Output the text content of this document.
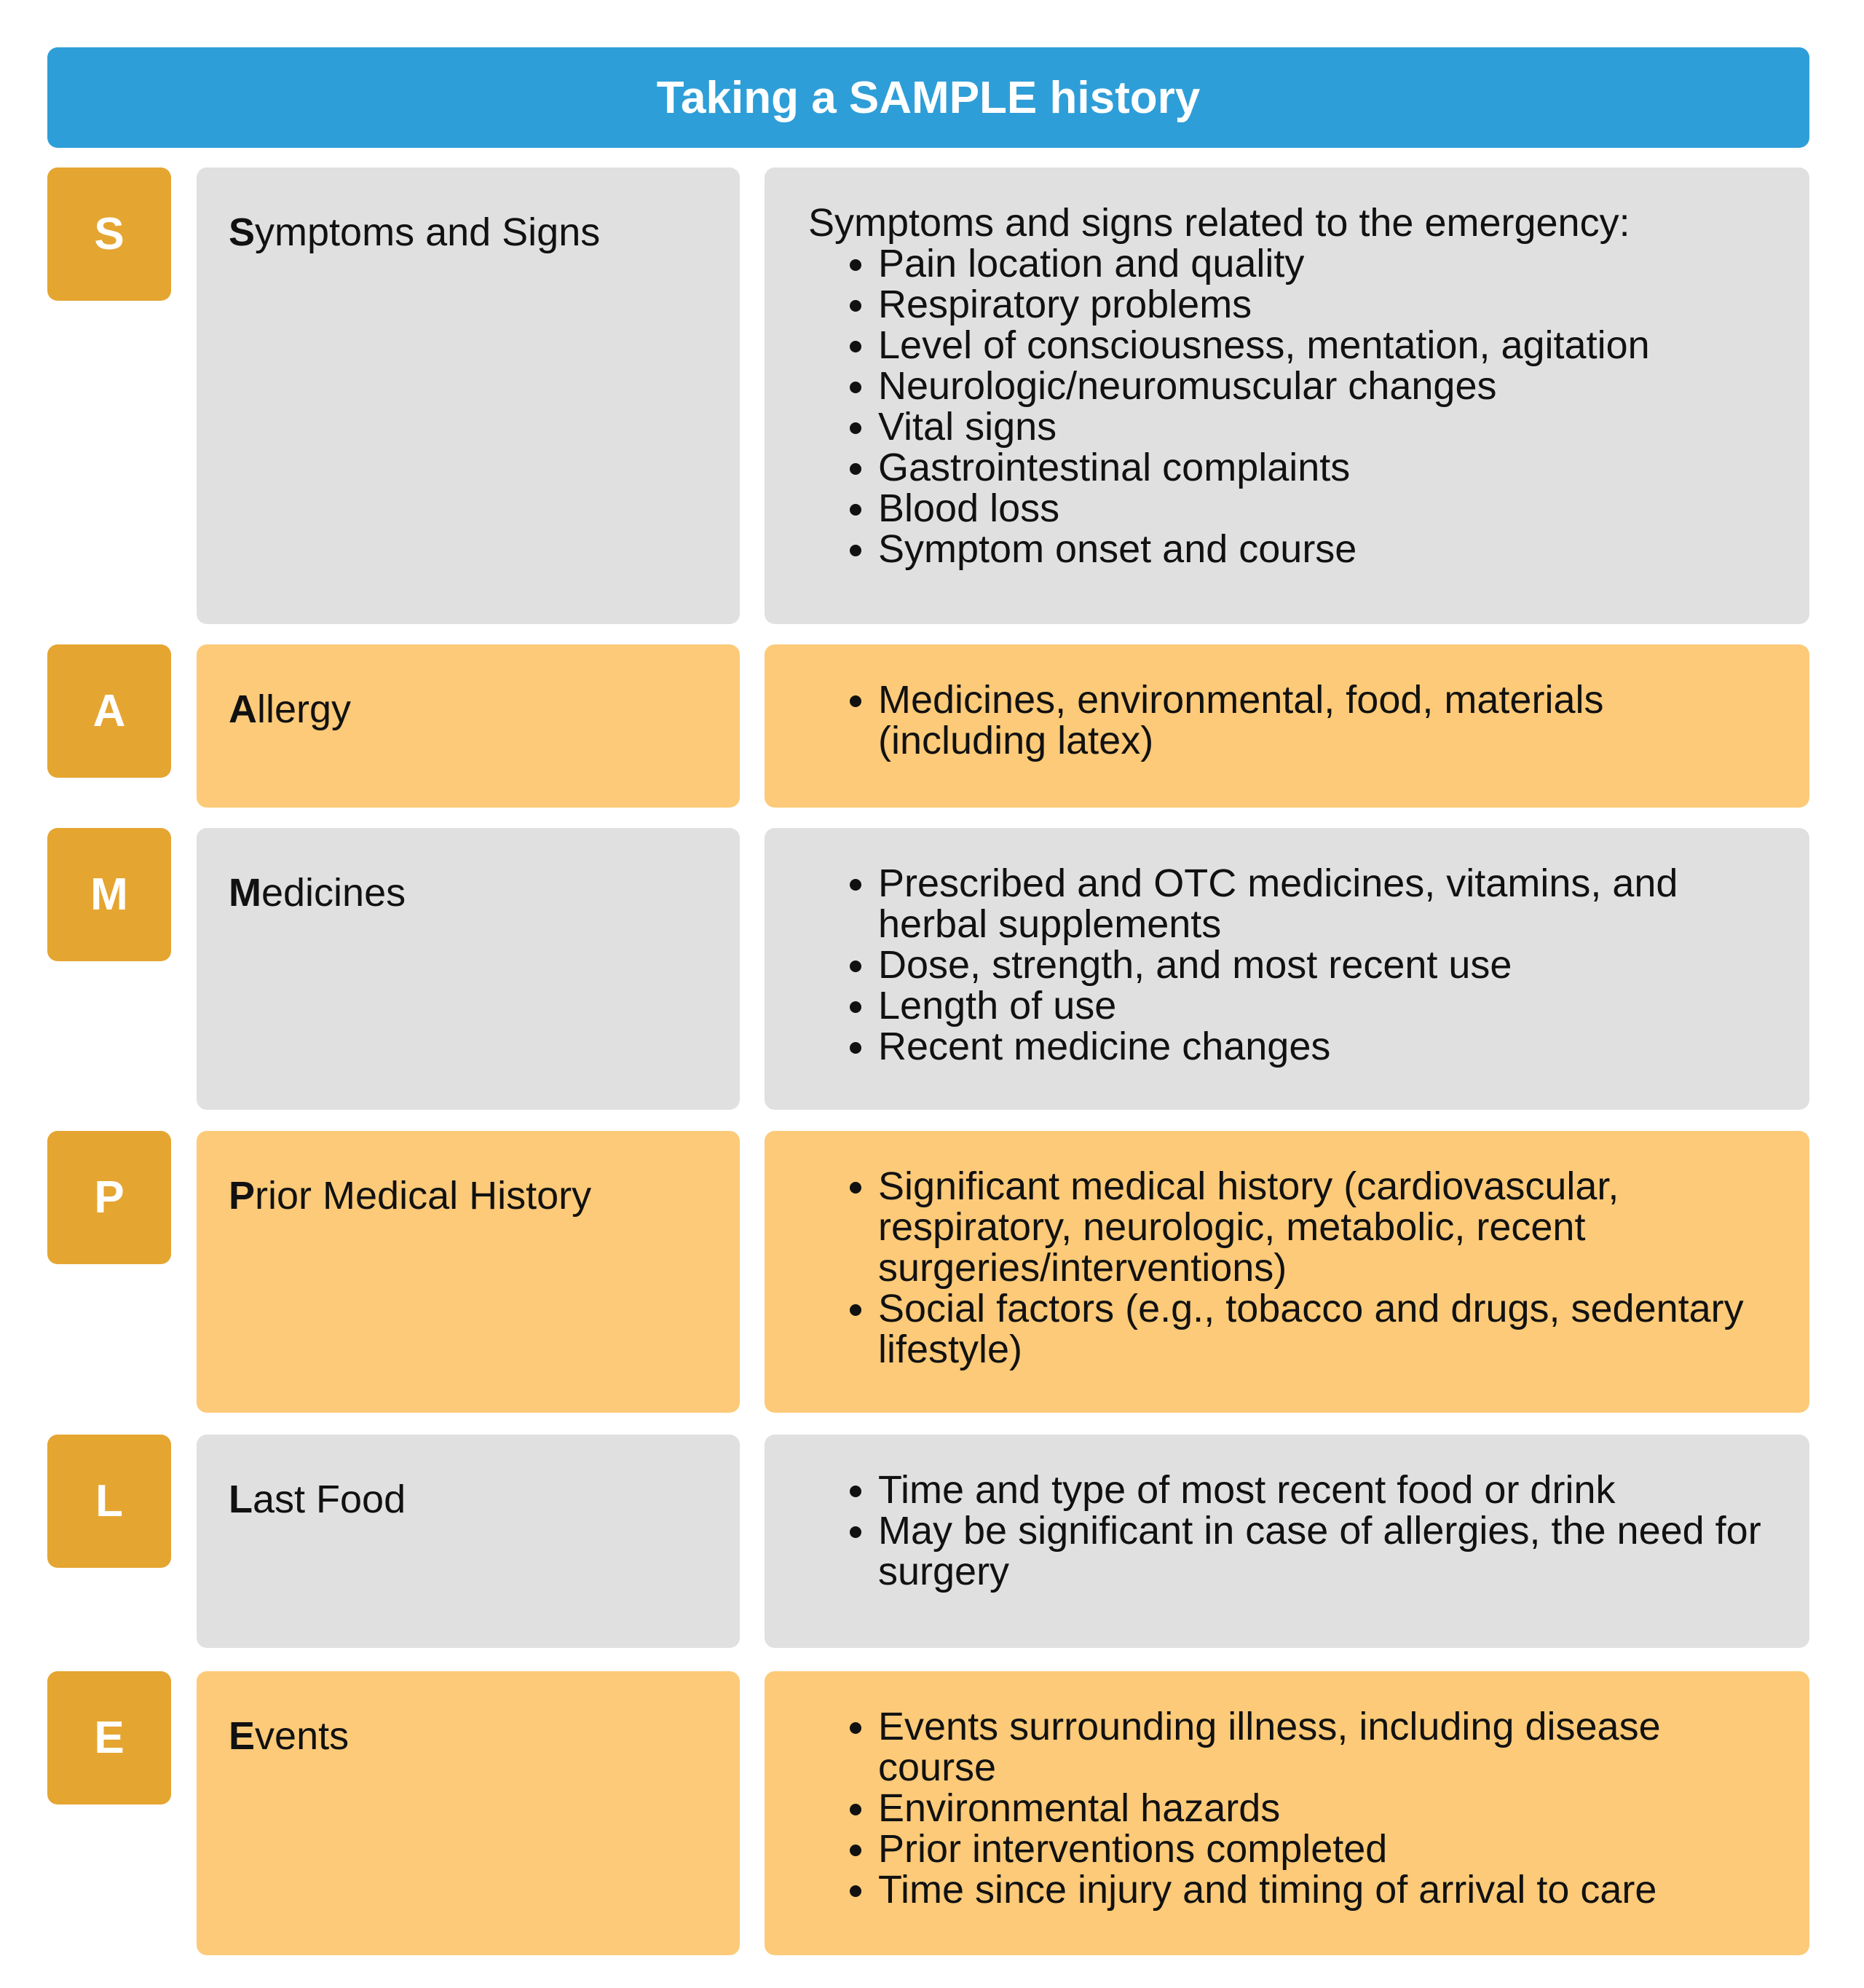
Taking a SAMPLE history
S	Symptoms and Signs	Symptoms and signs related to the emergency:

• Pain location and quality
• Respiratory problems
• Level of consciousness, mentation, agitation
• Neurologic/neuromuscular changes
• Vital signs
• Gastrointestinal complaints
• Blood loss
• Symptom onset and course
A	Allergy	• Medicines, environmental, food, materials (including latex)
M	Medicines	• Prescribed and OTC medicines, vitamins, and herbal supplements
• Dose, strength, and most recent use
• Length of use
• Recent medicine changes
P	Prior Medical History	• Significant medical history (cardiovascular, respiratory, neurologic, metabolic, recent surgeries/interventions)
• Social factors (e.g., tobacco and drugs, sedentary lifestyle)
L	Last Food	• Time and type of most recent food or drink
• May be significant in case of allergies, the need for surgery
E	Events	• Events surrounding illness, including disease course
• Environmental hazards
• Prior interventions completed
• Time since injury and timing of arrival to care
